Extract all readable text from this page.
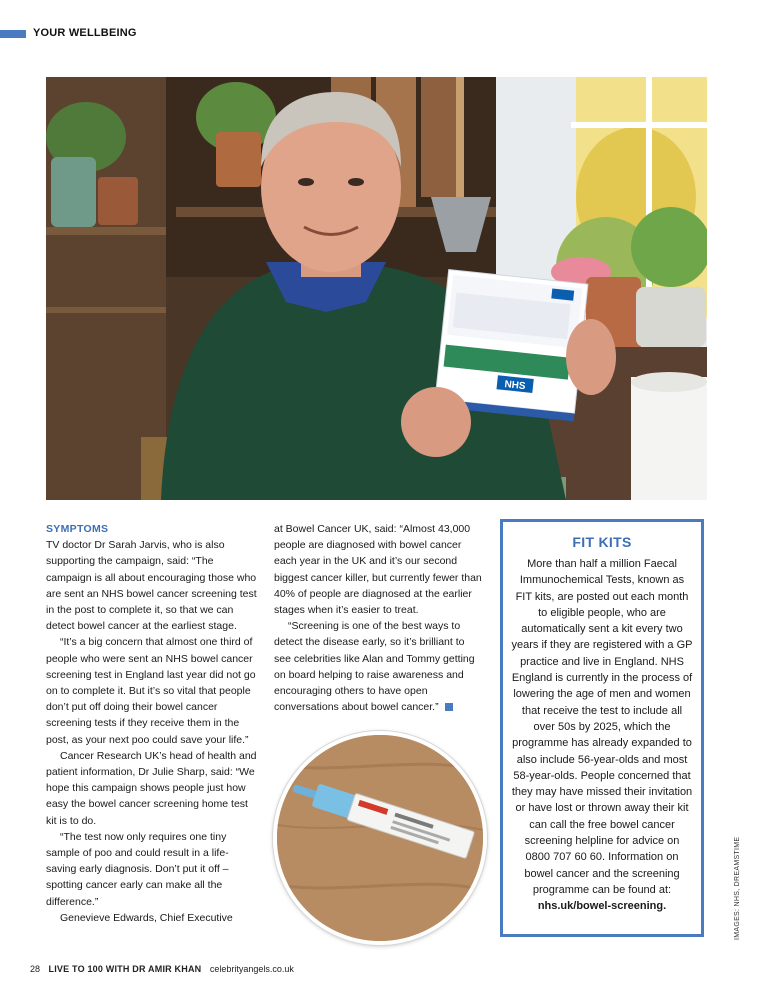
YOUR WELLBEING
NHS
SYMPTOMS

TV doctor Dr Sarah Jarvis, who is also supporting the campaign, said: “The campaign is all about encouraging those who are sent an NHS bowel cancer screening test in the post to complete it, so that we can detect bowel cancer at the earliest stage.

“It’s a big concern that almost one third of people who were sent an NHS bowel cancer screening test in England last year did not go on to complete it. But it’s so vital that people don’t put off doing their bowel cancer screening tests if they receive them in the post, as your next poo could save your life.”

Cancer Research UK’s head of health and patient information, Dr Julie Sharp, said: “We hope this campaign shows people just how easy the bowel cancer screening home test kit is to do.

“The test now only requires one tiny sample of poo and could result in a life-saving early diagnosis. Don’t put it off – spotting cancer early can make all the difference.”

Genevieve Edwards, Chief Executive

at Bowel Cancer UK, said: “Almost 43,000 people are diagnosed with bowel cancer each year in the UK and it’s our second biggest cancer killer, but currently fewer than 40% of people are diagnosed at the earlier stages when it’s easier to treat.

“Screening is one of the best ways to detect the disease early, so it’s brilliant to see celebrities like Alan and Tommy getting on board helping to raise awareness and encouraging others to have open conversations about bowel cancer.”

FIT KITS
More than half a million Faecal Immunochemical Tests, known as FIT kits, are posted out each month to eligible people, who are automatically sent a kit every two years if they are registered with a GP practice and live in England. NHS England is currently in the process of lowering the age of men and women that receive the test to include all over 50s by 2025, which the programme has already expanded to also include 56-year-olds and most 58-year-olds. People concerned that they may have missed their invitation or have lost or thrown away their kit can call the free bowel cancer screening helpline for advice on 0800 707 60 60. Information on bowel cancer and the screening programme can be found at:
nhs.uk/bowel-screening.	IMAGES: NHS, DREAMSTIME
28 LIVE TO 100 WITH DR AMIR KHAN celebrityangels.co.uk
